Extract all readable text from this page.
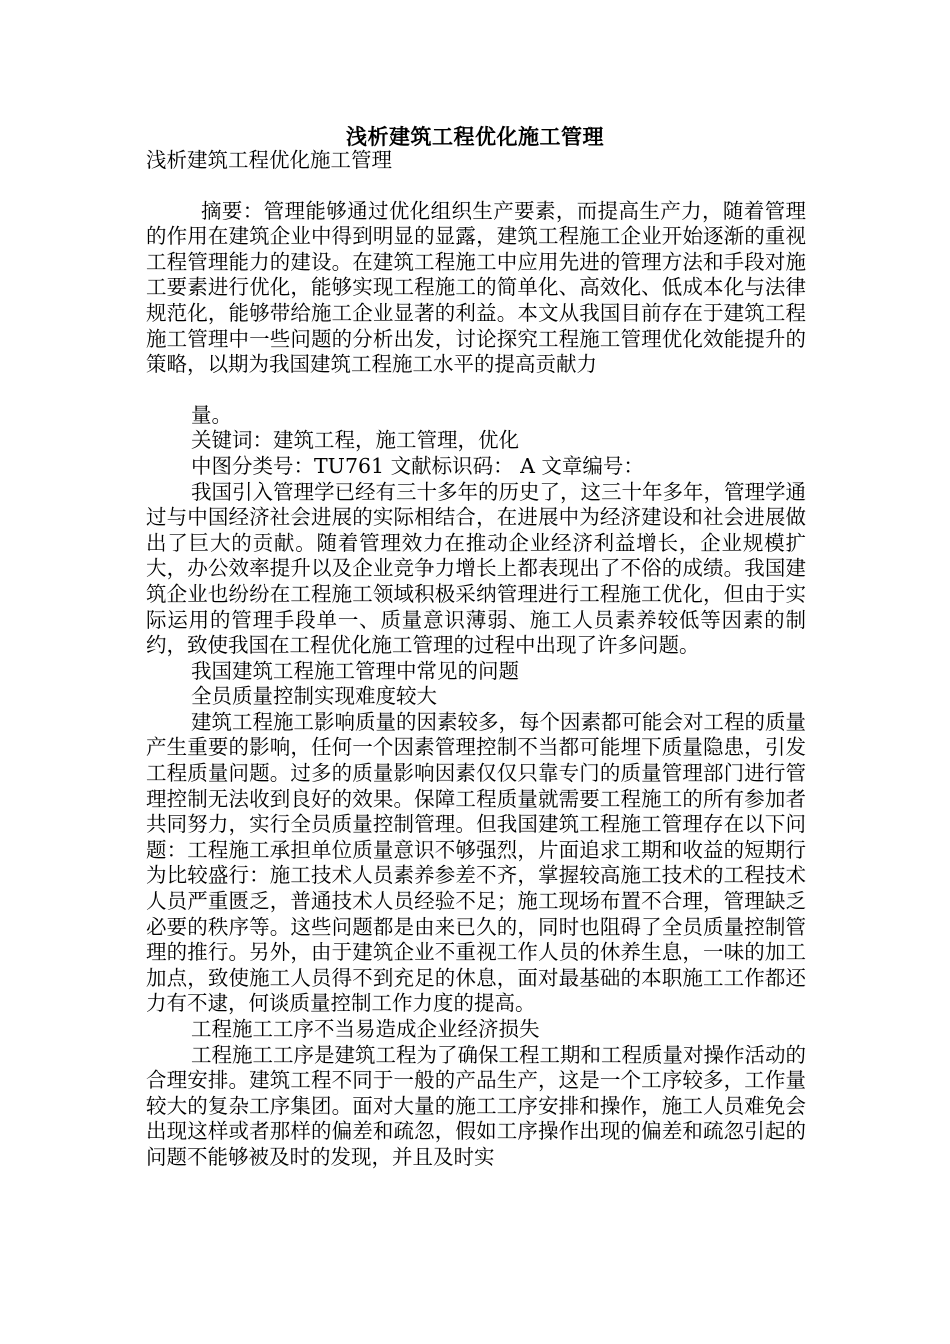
浅析建筑工程优化施工管理

浅析建筑工程优化施工管理

摘要：管理能够通过优化组织生产要素，而提高生产力，随着管理的作用在建筑企业中得到明显的显露，建筑工程施工企业开始逐渐的重视工程管理能力的建设。在建筑工程施工中应用先进的管理方法和手段对施工要素进行优化，能够实现工程施工的简单化、高效化、低成本化与法律规范化，能够带给施工企业显著的利益。本文从我国目前存在于建筑工程施工管理中一些问题的分析出发，讨论探究工程施工管理优化效能提升的策略，以期为我国建筑工程施工水平的提高贡献力

量。

关键词：建筑工程，施工管理，优化

中图分类号：TU761 文献标识码： A 文章编号：

我国引入管理学已经有三十多年的历史了，这三十年多年，管理学通过与中国经济社会进展的实际相结合，在进展中为经济建设和社会进展做出了巨大的贡献。随着管理效力在推动企业经济利益增长，企业规模扩大，办公效率提升以及企业竞争力增长上都表现出了不俗的成绩。我国建筑企业也纷纷在工程施工领域积极采纳管理进行工程施工优化，但由于实际运用的管理手段单一、质量意识薄弱、施工人员素养较低等因素的制约，致使我国在工程优化施工管理的过程中出现了许多问题。

我国建筑工程施工管理中常见的问题

全员质量控制实现难度较大

建筑工程施工影响质量的因素较多，每个因素都可能会对工程的质量产生重要的影响，任何一个因素管理控制不当都可能埋下质量隐患，引发工程质量问题。过多的质量影响因素仅仅只靠专门的质量管理部门进行管理控制无法收到良好的效果。保障工程质量就需要工程施工的所有参加者共同努力，实行全员质量控制管理。但我国建筑工程施工管理存在以下问题：工程施工承担单位质量意识不够强烈，片面追求工期和收益的短期行为比较盛行：施工技术人员素养参差不齐，掌握较高施工技术的工程技术人员严重匮乏，普通技术人员经验不足；施工现场布置不合理，管理缺乏必要的秩序等。这些问题都是由来已久的，同时也阻碍了全员质量控制管理的推行。另外，由于建筑企业不重视工作人员的休养生息，一味的加工加点，致使施工人员得不到充足的休息，面对最基础的本职施工工作都还力有不逮，何谈质量控制工作力度的提高。

工程施工工序不当易造成企业经济损失

工程施工工序是建筑工程为了确保工程工期和工程质量对操作活动的合理安排。建筑工程不同于一般的产品生产，这是一个工序较多，工作量较大的复杂工序集团。面对大量的施工工序安排和操作，施工人员难免会出现这样或者那样的偏差和疏忽，假如工序操作出现的偏差和疏忽引起的问题不能够被及时的发现，并且及时实
